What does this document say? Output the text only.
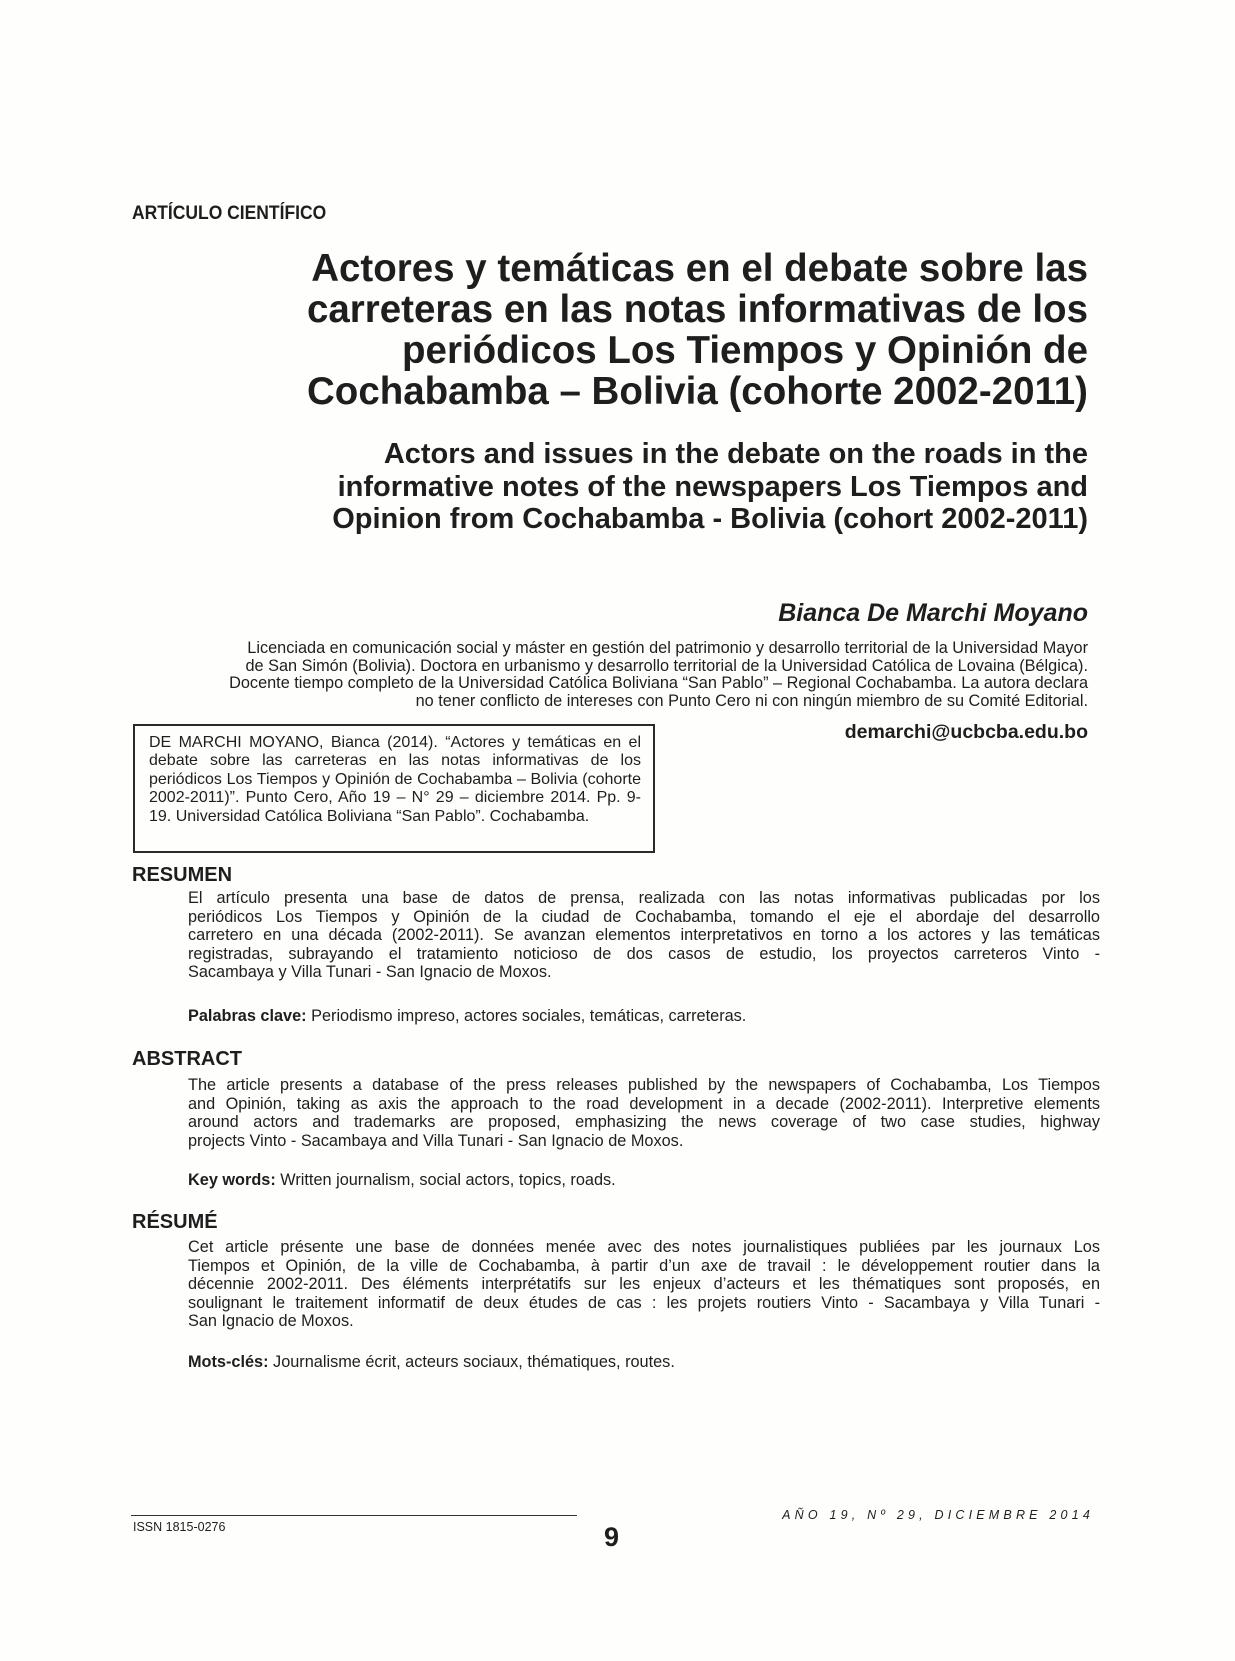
ARTÍCULO CIENTÍFICO
Actores y temáticas en el debate sobre las
carreteras en las notas informativas de los
periódicos Los Tiempos y Opinión de
Cochabamba – Bolivia (cohorte 2002-2011)
Actors and issues in the debate on the roads in the
informative notes of the newspapers Los Tiempos and
Opinion from Cochabamba - Bolivia (cohort 2002-2011)
Bianca De Marchi Moyano
Licenciada en comunicación social y máster en gestión del patrimonio y desarrollo territorial de la Universidad Mayor
de San Simón (Bolivia). Doctora en urbanismo y desarrollo territorial de la Universidad Católica de Lovaina (Bélgica).
Docente tiempo completo de la Universidad Católica Boliviana “San Pablo” – Regional Cochabamba. La autora declara
no tener conflicto de intereses con Punto Cero ni con ningún miembro de su Comité Editorial.
demarchi@ucbcba.edu.bo
DE MARCHI MOYANO, Bianca (2014). “Actores y temáticas en el
debate sobre las carreteras en las notas informativas de los
periódicos Los Tiempos y Opinión de Cochabamba – Bolivia (cohorte
2002-2011)”. Punto Cero, Año 19 – N° 29 – diciembre 2014. Pp. 9-
19. Universidad Católica Boliviana “San Pablo”. Cochabamba.
RESUMEN
El artículo presenta una base de datos de prensa, realizada con las notas informativas publicadas por los
periódicos Los Tiempos y Opinión de la ciudad de Cochabamba, tomando el eje el abordaje del desarrollo
carretero en una década (2002-2011). Se avanzan elementos interpretativos en torno a los actores y las temáticas
registradas, subrayando el tratamiento noticioso de dos casos de estudio, los proyectos carreteros Vinto -
Sacambaya y Villa Tunari - San Ignacio de Moxos.
Palabras clave: Periodismo impreso, actores sociales, temáticas, carreteras.
ABSTRACT
The article presents a database of the press releases published by the newspapers of Cochabamba, Los Tiempos
and Opinión, taking as axis the approach to the road development in a decade (2002-2011). Interpretive elements
around actors and trademarks are proposed, emphasizing the news coverage of two case studies, highway
projects Vinto - Sacambaya and Villa Tunari - San Ignacio de Moxos.
Key words: Written journalism, social actors, topics, roads.
RÉSUMÉ
Cet article présente une base de données menée avec des notes journalistiques publiées par les journaux Los
Tiempos et Opinión, de la ville de Cochabamba, à partir d’un axe de travail : le développement routier dans la
décennie 2002-2011. Des éléments interprétatifs sur les enjeux d’acteurs et les thématiques sont proposés, en
soulignant le traitement informatif de deux études de cas : les projets routiers Vinto - Sacambaya y Villa Tunari -
San Ignacio de Moxos.
Mots-clés: Journalisme écrit, acteurs sociaux, thématiques, routes.
ISSN 1815-0276	9
AÑO 19, Nº 29, DICIEMBRE 2014
